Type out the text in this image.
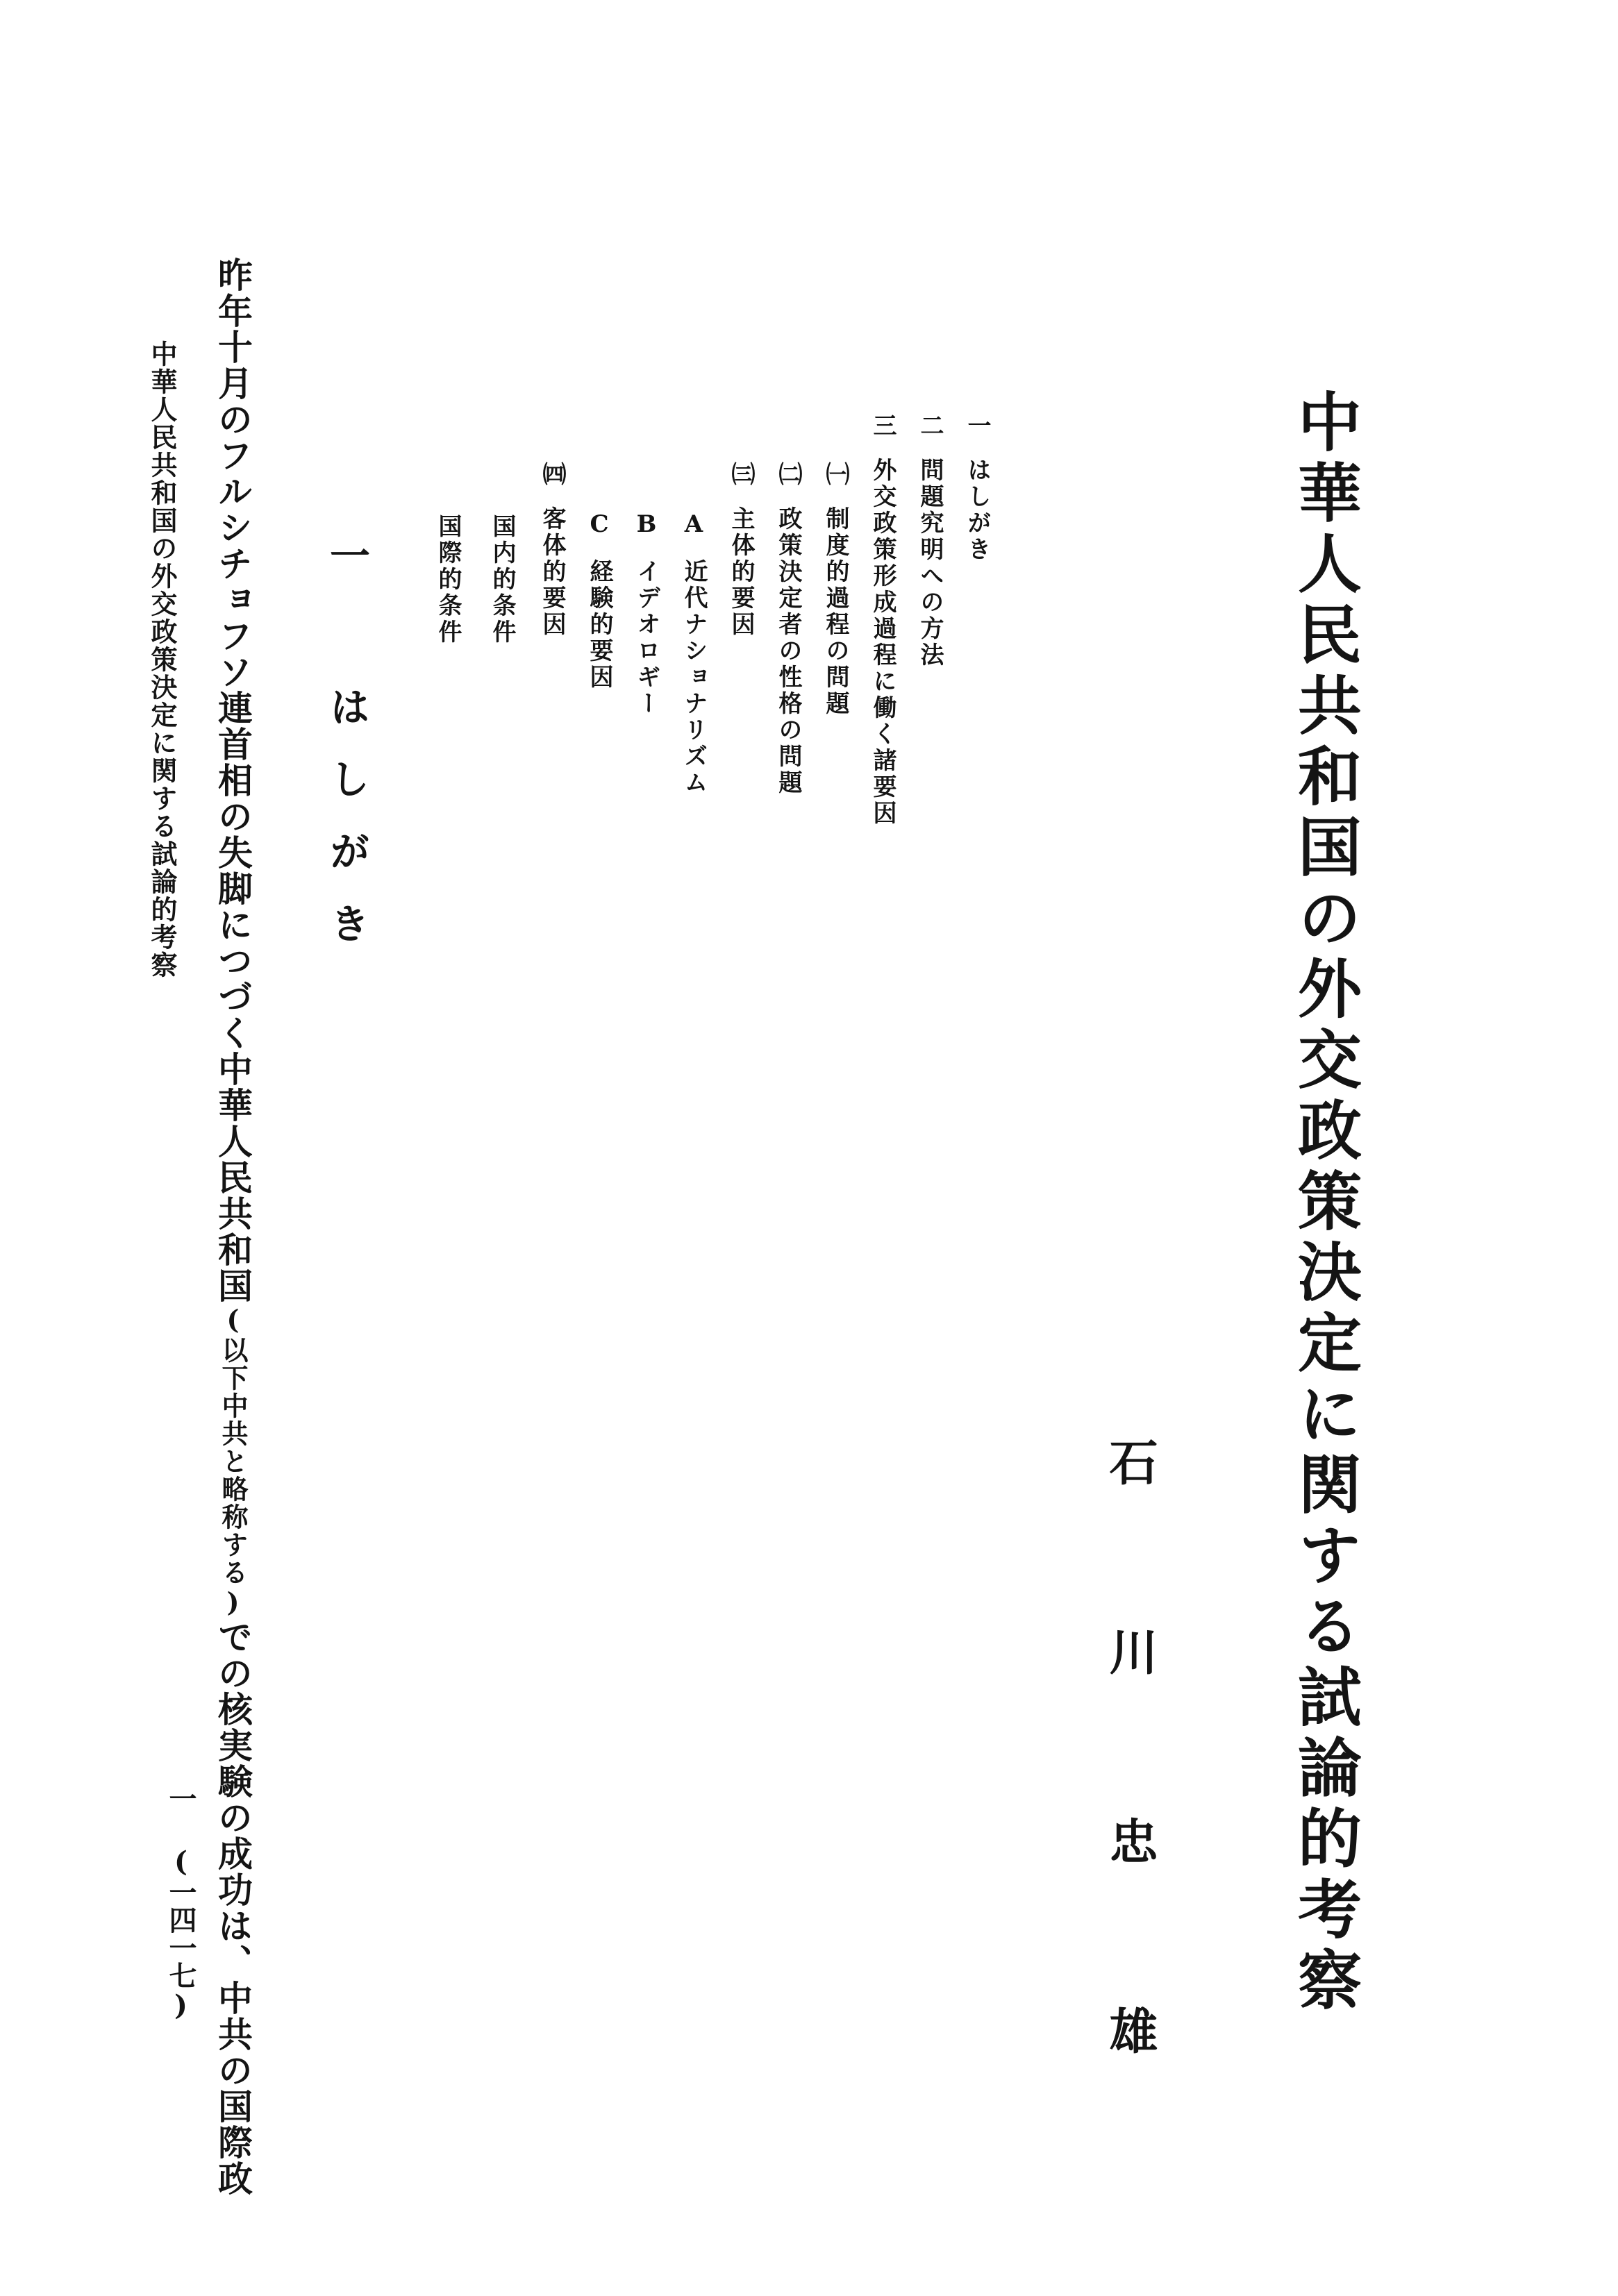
中華人民共和国の外交政策決定に関する試論的考察
石 川 忠 雄
一はしがき
二問題究明への方法
三外交政策形成過程に働く諸要因
㈠制度的過程の問題
㈡政策決定者の性格の問題
㈢主体的要因
A近代ナショナリズム
Bイデオロギー
C経験的要因
㈣客体的要因
国内的条件
国際的条件
一 はしがき
昨年十月のフルシチョフソ連首相の失脚につづく中華人民共和国(以下中共と略称する)での核実験の成功は、中共の国際政
中華人民共和国の外交政策決定に関する試論的考察
一(一四一七)
